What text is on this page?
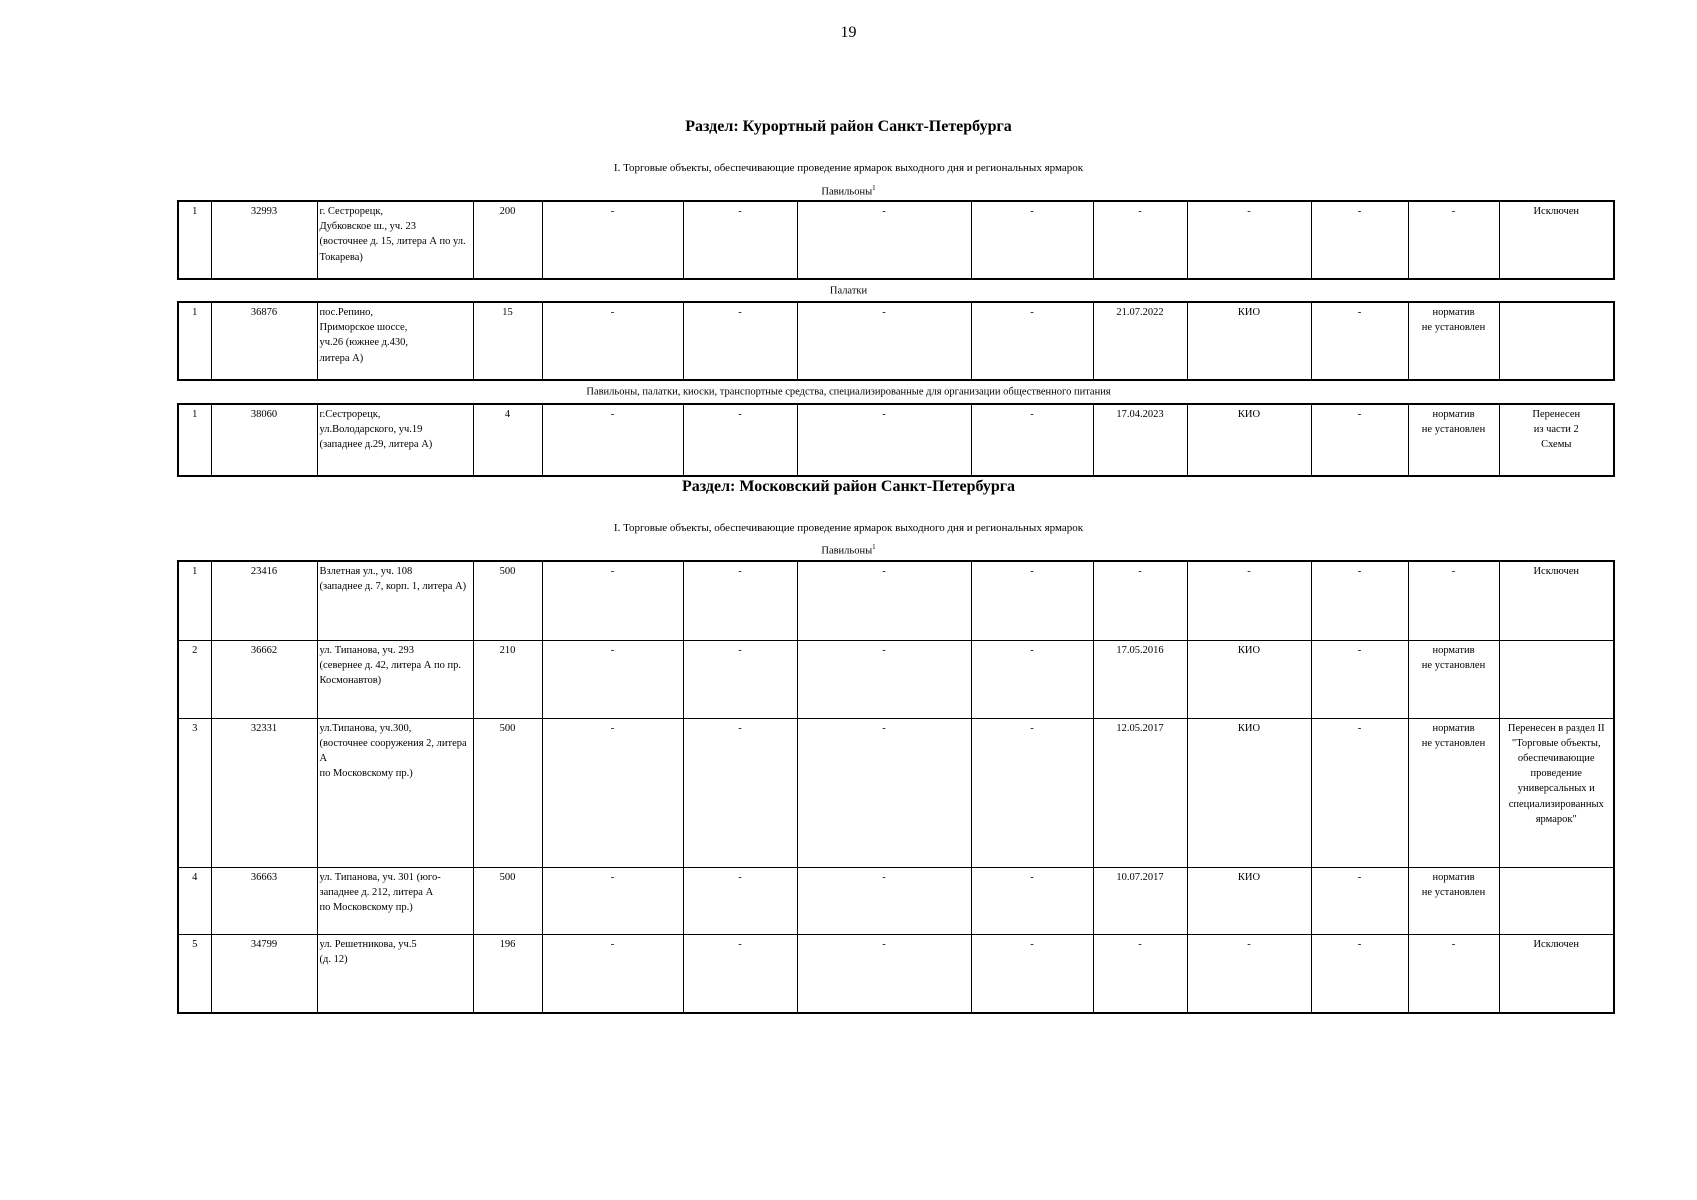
19
Раздел: Курортный район Санкт-Петербурга
I. Торговые объекты, обеспечивающие проведение ярмарок выходного дня и региональных ярмарок
Павильоны$^1$
1	32993	г. Сестрорецк,
Дубковское ш., уч. 23
(восточнее д. 15, литера А по ул. Токарева)	200	-	-	-	-	-	-	-	-	Исключен
Палатки
1	36876	пос.Репино,
Приморское шоссе,
уч.26 (южнее д.430,
литера А)	15	-	-	-	-	21.07.2022	КИО	-	норматив
не установлен	
Павильоны, палатки, киоски, транспортные средства, специализированные для организации общественного питания
1	38060	г.Сестрорецк,
ул.Володарского, уч.19
(западнее д.29, литера А)	4	-	-	-	-	17.04.2023	КИО	-	норматив
не установлен	Перенесен
из части 2
Схемы
Раздел: Московский район Санкт-Петербурга
I. Торговые объекты, обеспечивающие проведение ярмарок выходного дня и региональных ярмарок
Павильоны$^1$
1	23416	Взлетная ул., уч. 108
(западнее д. 7, корп. 1, литера А)	500	-	-	-	-	-	-	-	-	Исключен
2	36662	ул. Типанова, уч. 293
(севернее д. 42, литера А по пр. Космонавтов)	210	-	-	-	-	17.05.2016	КИО	-	норматив
не установлен	
3	32331	ул.Типанова, уч.300,
(восточнее сооружения 2, литера А
по Московскому пр.)	500	-	-	-	-	12.05.2017	КИО	-	норматив
не установлен	Перенесен в раздел II "Торговые объекты, обеспечивающие проведение универсальных и специализированных ярмарок"
4	36663	ул. Типанова, уч. 301 (юго-западнее д. 212, литера А
по Московскому пр.)	500	-	-	-	-	10.07.2017	КИО	-	норматив
не установлен	
5	34799	ул. Решетникова, уч.5
(д. 12)	196	-	-	-	-	-	-	-	-	Исключен
